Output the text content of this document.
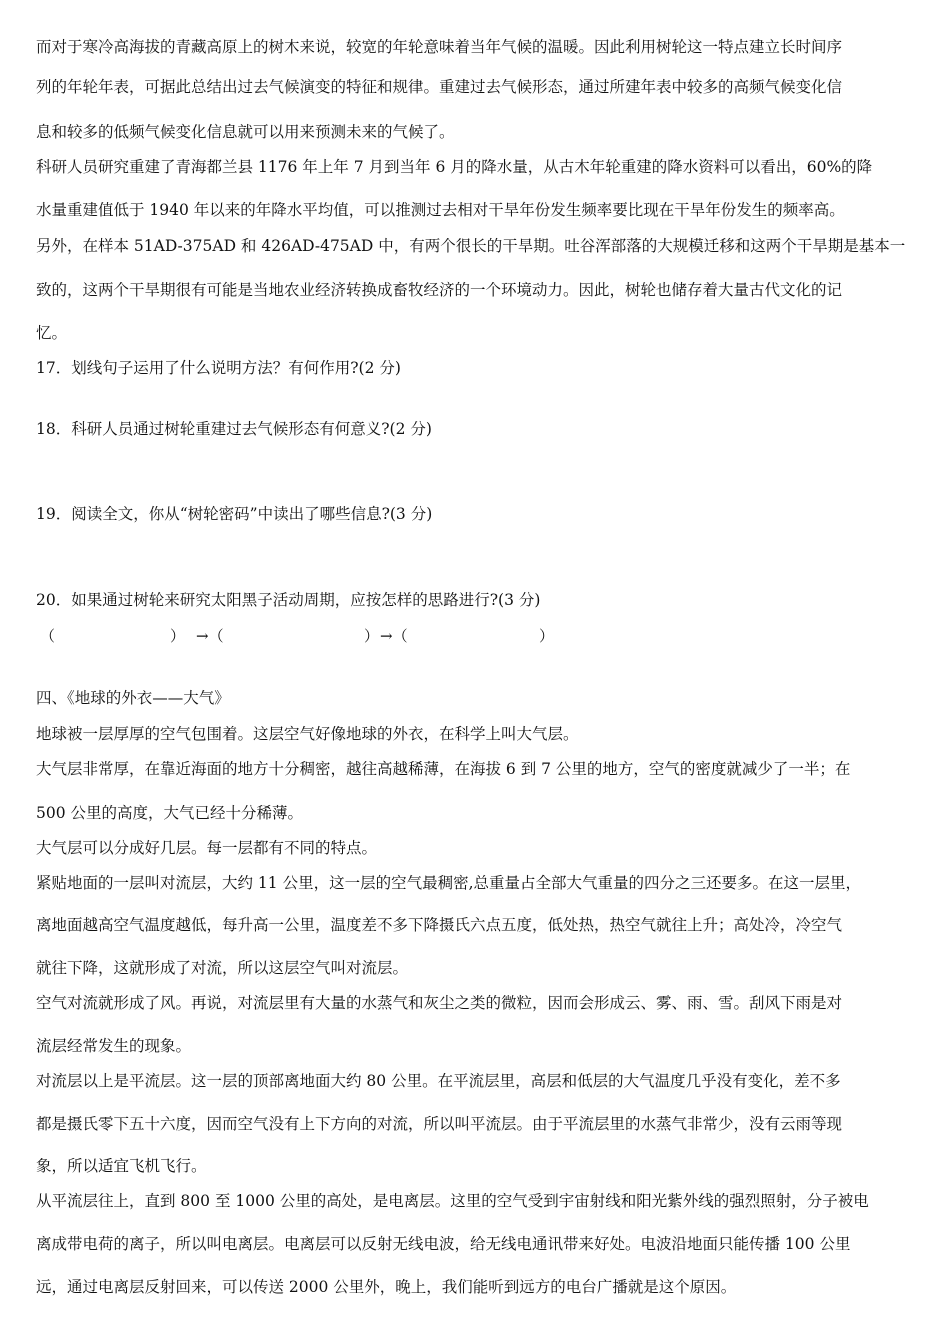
而对于寒冷高海拔的青藏高原上的树木来说，较宽的年轮意味着当年气候的温暖。因此利用树轮这一特点建立长时间序
列的年轮年表，可据此总结出过去气候演变的特征和规律。重建过去气候形态，通过所建年表中较多的高频气候变化信
息和较多的低频气候变化信息就可以用来预测未来的气候了。
科研人员研究重建了青海都兰县 1176 年上年 7 月到当年 6 月的降水量，从古木年轮重建的降水资料可以看出，60%的降
水量重建值低于 1940 年以来的年降水平均值，可以推测过去相对干旱年份发生频率要比现在干旱年份发生的频率高。
另外，在样本 51AD-375AD 和 426AD-475AD 中，有两个很长的干旱期。吐谷浑部落的大规模迁移和这两个干旱期是基本一
致的，这两个干旱期很有可能是当地农业经济转换成畜牧经济的一个环境动力。因此，树轮也储存着大量古代文化的记
忆。
17．划线句子运用了什么说明方法？有何作用?(2 分)
18．科研人员通过树轮重建过去气候形态有何意义?(2 分)
19．阅读全文，你从“树轮密码”中读出了哪些信息?(3 分)
20．如果通过树轮来研究太阳黑子活动周期，应按怎样的思路进行?(3 分)
（	） →（	） →（	）
四、《地球的外衣——大气》
地球被一层厚厚的空气包围着。这层空气好像地球的外衣，在科学上叫大气层。
大气层非常厚，在靠近海面的地方十分稠密，越往高越稀薄，在海拔 6 到 7 公里的地方，空气的密度就减少了一半；在
500 公里的高度，大气已经十分稀薄。
大气层可以分成好几层。每一层都有不同的特点。
紧贴地面的一层叫对流层，大约 11 公里，这一层的空气最稠密,总重量占全部大气重量的四分之三还要多。在这一层里，
离地面越高空气温度越低，每升高一公里，温度差不多下降摄氏六点五度，低处热，热空气就往上升；高处冷，冷空气
就往下降，这就形成了对流，所以这层空气叫对流层。
空气对流就形成了风。再说，对流层里有大量的水蒸气和灰尘之类的微粒，因而会形成云、雾、雨、雪。刮风下雨是对
流层经常发生的现象。
对流层以上是平流层。这一层的顶部离地面大约 80 公里。在平流层里，高层和低层的大气温度几乎没有变化，差不多
都是摄氏零下五十六度，因而空气没有上下方向的对流，所以叫平流层。由于平流层里的水蒸气非常少，没有云雨等现
象，所以适宜飞机飞行。
从平流层往上，直到 800 至 1000 公里的高处，是电离层。这里的空气受到宇宙射线和阳光紫外线的强烈照射，分子被电
离成带电荷的离子，所以叫电离层。电离层可以反射无线电波，给无线电通讯带来好处。电波沿地面只能传播 100 公里
远，通过电离层反射回来，可以传送 2000 公里外，晚上，我们能听到远方的电台广播就是这个原因。
